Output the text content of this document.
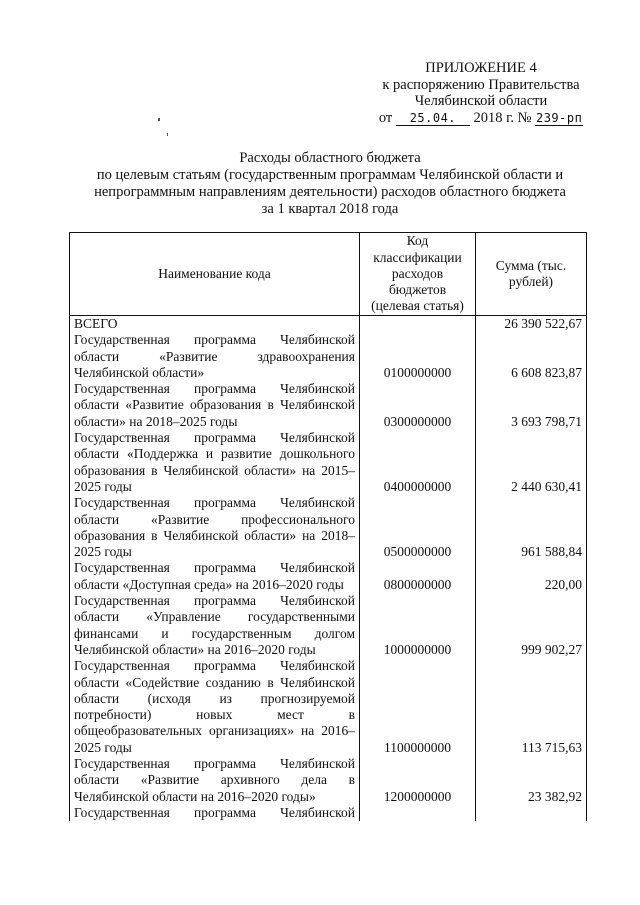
ПРИЛОЖЕНИЕ 4
к распоряжению Правительства
Челябинской области
от 25.04. 2018 г. № 239-рп
Расходы областного бюджета
по целевым статьям (государственным программам Челябинской области и
непрограммным направлениям деятельности) расходов областного бюджета
за 1 квартал 2018 года
Наименование кода	Код классификации расходов бюджетов (целевая статья)	Сумма (тыс. рублей)
ВСЕГО		26 390 522,67
Государственная программа Челябинской области «Развитие здравоохранения Челябинской области»	0100000000	6 608 823,87
Государственная программа Челябинской области «Развитие образования в Челябинской области» на 2018–2025 годы	0300000000	3 693 798,71
Государственная программа Челябинской области «Поддержка и развитие дошкольного образования в Челябинской области» на 2015–2025 годы	0400000000	2 440 630,41
Государственная программа Челябинской области «Развитие профессионального образования в Челябинской области» на 2018–2025 годы	0500000000	961 588,84
Государственная программа Челябинской области «Доступная среда» на 2016–2020 годы	0800000000	220,00
Государственная программа Челябинской области «Управление государственными финансами и государственным долгом Челябинской области» на 2016–2020 годы	1000000000	999 902,27
Государственная программа Челябинской области «Содействие созданию в Челябинской области (исходя из прогнозируемой потребности) новых мест в общеобразовательных организациях» на 2016–2025 годы	1100000000	113 715,63
Государственная программа Челябинской области «Развитие архивного дела в Челябинской области на 2016–2020 годы»	1200000000	23 382,92
Государственная программа Челябинской		
